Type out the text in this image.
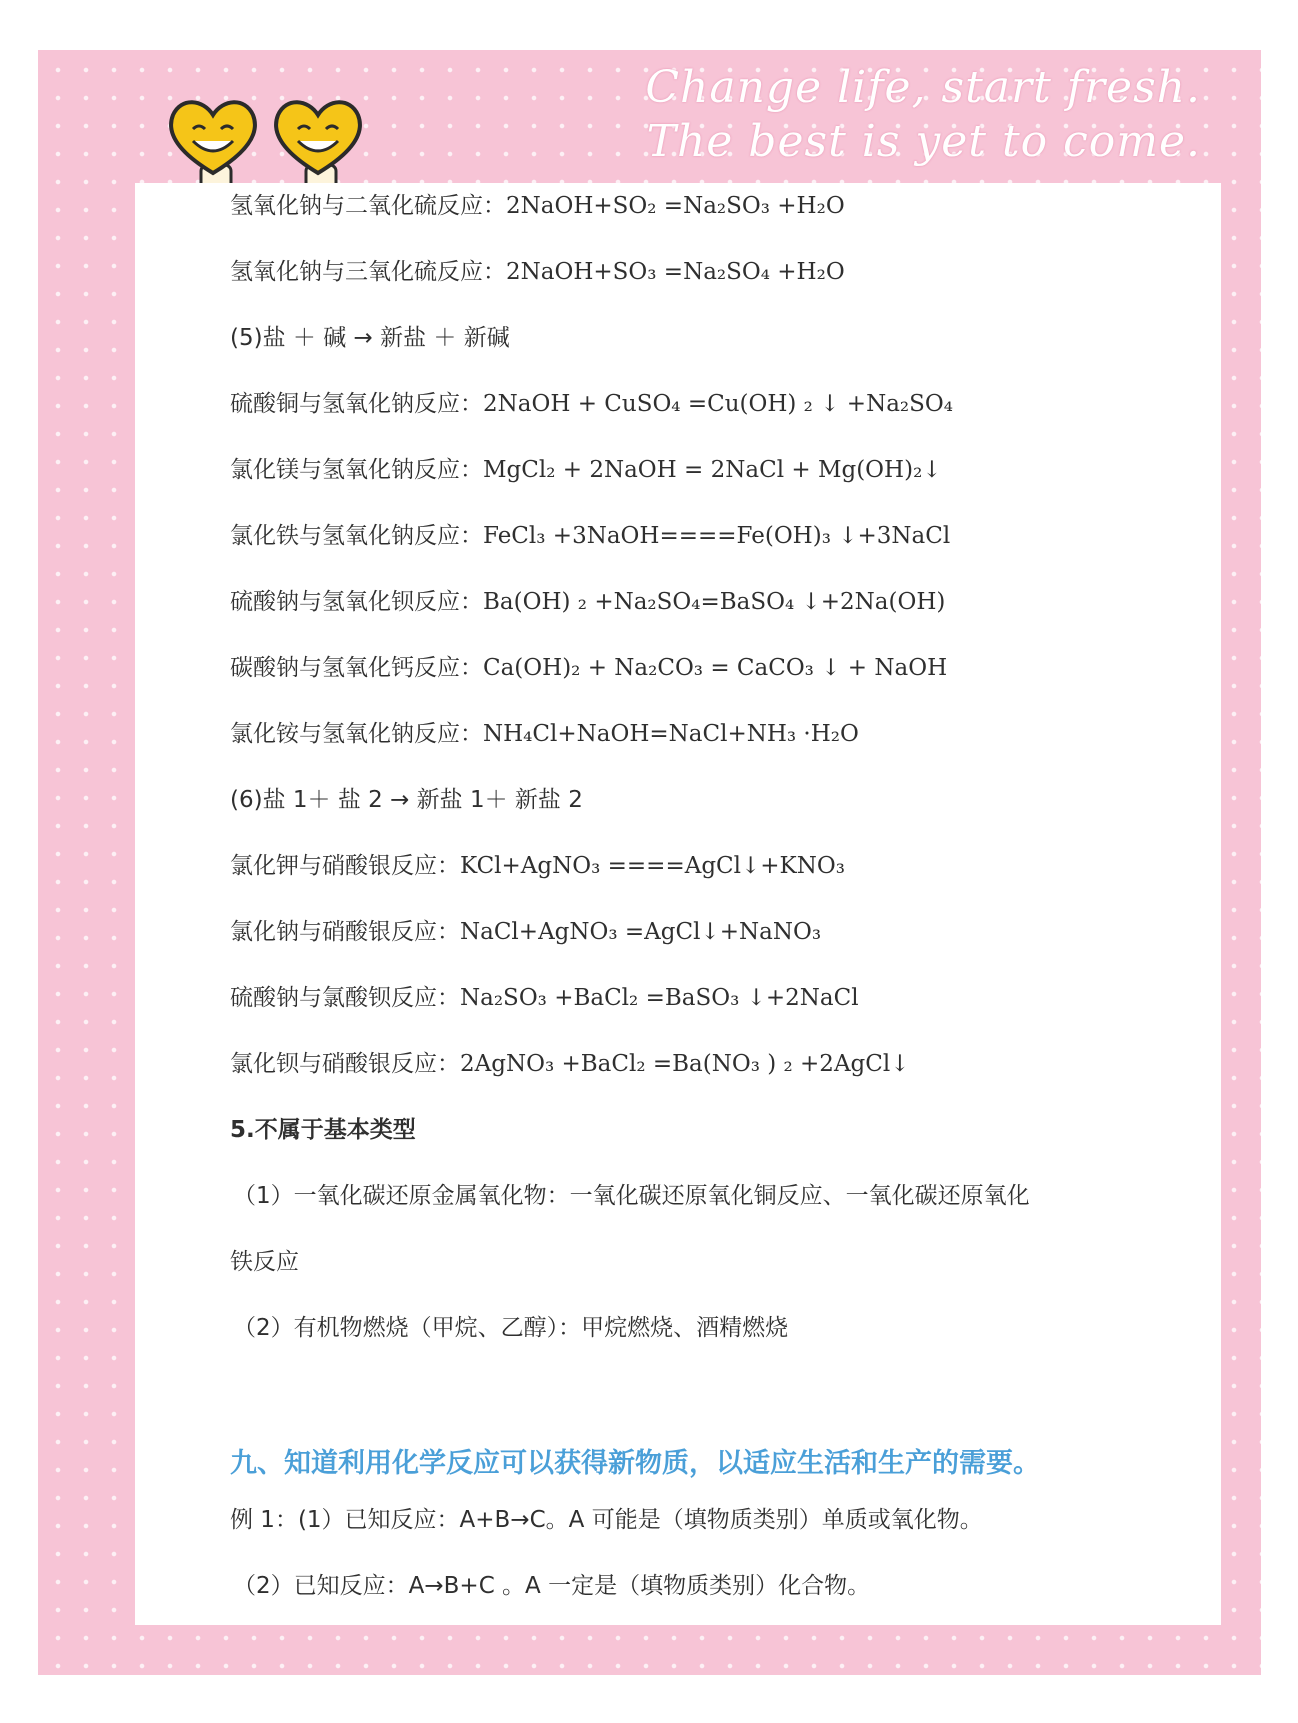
Change life, start fresh.
The best is yet to come.
氢氧化钠与二氧化硫反应：2NaOH+SO₂ =Na₂SO₃ +H₂O
氢氧化钠与三氧化硫反应：2NaOH+SO₃ =Na₂SO₄ +H₂O
(5)盐 ＋ 碱 → 新盐 ＋ 新碱
硫酸铜与氢氧化钠反应：2NaOH + CuSO₄ =Cu(OH) ₂ ↓ +Na₂SO₄
氯化镁与氢氧化钠反应：MgCl₂ + 2NaOH = 2NaCl + Mg(OH)₂↓
氯化铁与氢氧化钠反应：FeCl₃ +3NaOH====Fe(OH)₃ ↓+3NaCl
硫酸钠与氢氧化钡反应：Ba(OH) ₂ +Na₂SO₄=BaSO₄ ↓+2Na(OH)
碳酸钠与氢氧化钙反应：Ca(OH)₂ + Na₂CO₃ = CaCO₃ ↓ + NaOH
氯化铵与氢氧化钠反应：NH₄Cl+NaOH=NaCl+NH₃ ·H₂O
(6)盐 1＋ 盐 2 → 新盐 1＋ 新盐 2
氯化钾与硝酸银反应：KCl+AgNO₃ ====AgCl↓+KNO₃
氯化钠与硝酸银反应：NaCl+AgNO₃ =AgCl↓+NaNO₃
硫酸钠与氯酸钡反应：Na₂SO₃ +BaCl₂ =BaSO₃ ↓+2NaCl
氯化钡与硝酸银反应：2AgNO₃ +BaCl₂ =Ba(NO₃ ) ₂ +2AgCl↓
5.不属于基本类型
（1）一氧化碳还原金属氧化物：一氧化碳还原氧化铜反应、一氧化碳还原氧化
铁反应
（2）有机物燃烧（甲烷、乙醇）：甲烷燃烧、酒精燃烧
九、知道利用化学反应可以获得新物质，以适应生活和生产的需要。
例 1：(1）已知反应：A+B→C。A 可能是（填物质类别）单质或氧化物。
（2）已知反应：A→B+C 。A 一定是（填物质类别）化合物。
